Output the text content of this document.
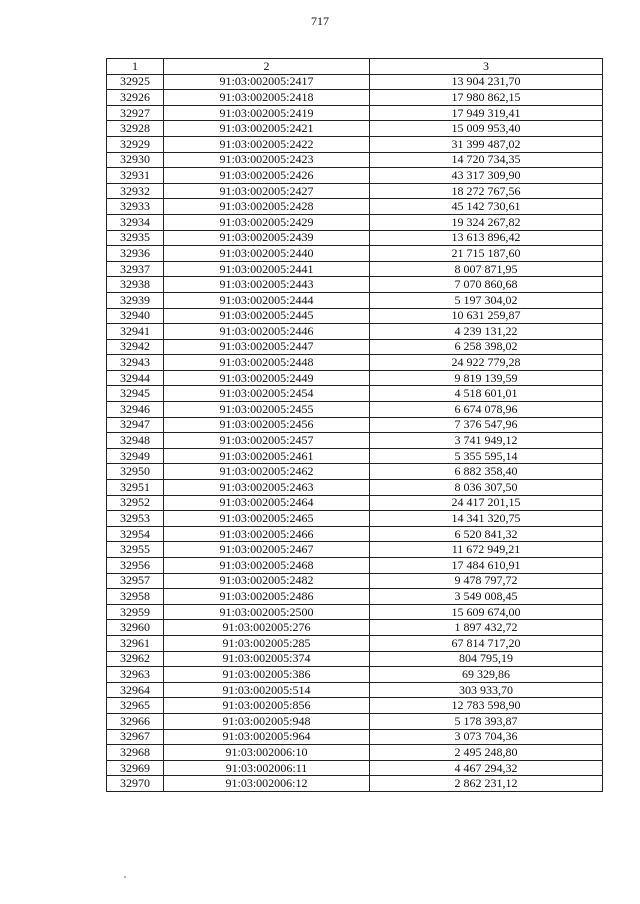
717
1	2	3
32925	91:03:002005:2417	13 904 231,70
32926	91:03:002005:2418	17 980 862,15
32927	91:03:002005:2419	17 949 319,41
32928	91:03:002005:2421	15 009 953,40
32929	91:03:002005:2422	31 399 487,02
32930	91:03:002005:2423	14 720 734,35
32931	91:03:002005:2426	43 317 309,90
32932	91:03:002005:2427	18 272 767,56
32933	91:03:002005:2428	45 142 730,61
32934	91:03:002005:2429	19 324 267,82
32935	91:03:002005:2439	13 613 896,42
32936	91:03:002005:2440	21 715 187,60
32937	91:03:002005:2441	8 007 871,95
32938	91:03:002005:2443	7 070 860,68
32939	91:03:002005:2444	5 197 304,02
32940	91:03:002005:2445	10 631 259,87
32941	91:03:002005:2446	4 239 131,22
32942	91:03:002005:2447	6 258 398,02
32943	91:03:002005:2448	24 922 779,28
32944	91:03:002005:2449	9 819 139,59
32945	91:03:002005:2454	4 518 601,01
32946	91:03:002005:2455	6 674 078,96
32947	91:03:002005:2456	7 376 547,96
32948	91:03:002005:2457	3 741 949,12
32949	91:03:002005:2461	5 355 595,14
32950	91:03:002005:2462	6 882 358,40
32951	91:03:002005:2463	8 036 307,50
32952	91:03:002005:2464	24 417 201,15
32953	91:03:002005:2465	14 341 320,75
32954	91:03:002005:2466	6 520 841,32
32955	91:03:002005:2467	11 672 949,21
32956	91:03:002005:2468	17 484 610,91
32957	91:03:002005:2482	9 478 797,72
32958	91:03:002005:2486	3 549 008,45
32959	91:03:002005:2500	15 609 674,00
32960	91:03:002005:276	1 897 432,72
32961	91:03:002005:285	67 814 717,20
32962	91:03:002005:374	804 795,19
32963	91:03:002005:386	69 329,86
32964	91:03:002005:514	303 933,70
32965	91:03:002005:856	12 783 598,90
32966	91:03:002005:948	5 178 393,87
32967	91:03:002005:964	3 073 704,36
32968	91:03:002006:10	2 495 248,80
32969	91:03:002006:11	4 467 294,32
32970	91:03:002006:12	2 862 231,12
